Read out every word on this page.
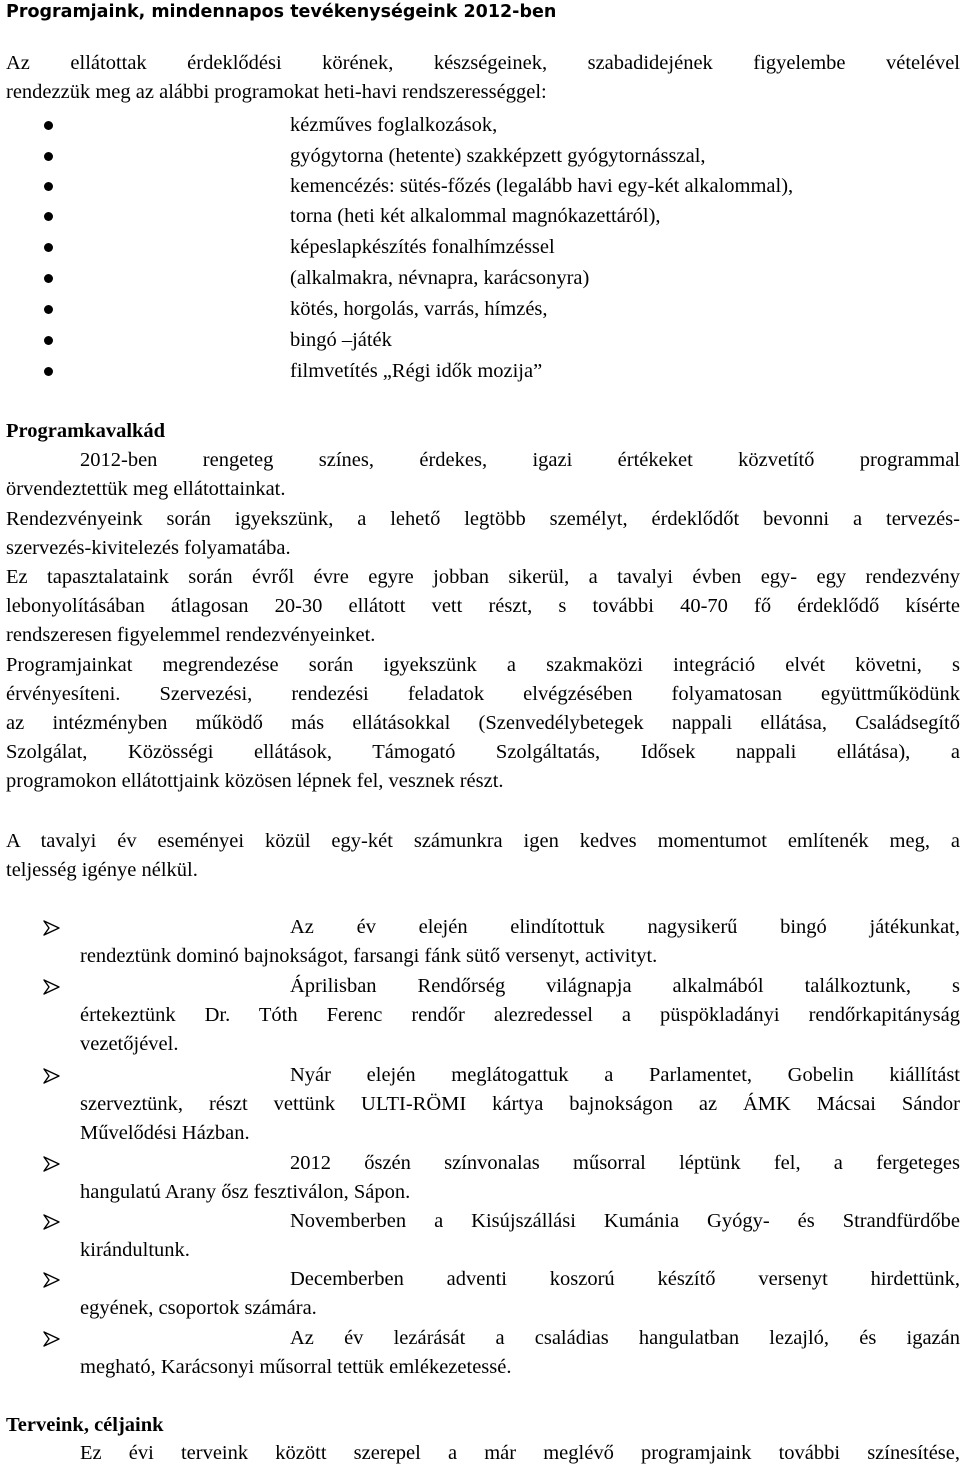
Programjaink, mindennapos tevékenységeink 2012-ben
Az ellátottak érdeklődési körének, készségeinek, szabadidejének figyelembe vételével
rendezzük meg az alábbi programokat heti-havi rendszerességgel:
kézműves foglalkozások,
gyógytorna (hetente) szakképzett gyógytornásszal,
kemencézés: sütés-főzés (legalább havi egy-két alkalommal),
torna (heti két alkalommal magnókazettáról),
képeslapkészítés fonalhímzéssel
(alkalmakra, névnapra, karácsonyra)
kötés, horgolás, varrás, hímzés,
bingó –játék
filmvetítés „Régi idők mozija”
Programkavalkád
2012-ben rengeteg színes, érdekes, igazi értékeket közvetítő programmal
örvendeztettük meg ellátottainkat.
Rendezvényeink során igyekszünk, a lehető legtöbb személyt, érdeklődőt bevonni a tervezés-
szervezés-kivitelezés folyamatába.
Ez tapasztalataink során évről évre egyre jobban sikerül, a tavalyi évben egy- egy rendezvény
lebonyolításában átlagosan 20-30 ellátott vett részt, s további 40-70 fő érdeklődő kísérte
rendszeresen figyelemmel rendezvényeinket.
Programjainkat megrendezése során igyekszünk a szakmaközi integráció elvét követni, s
érvényesíteni. Szervezési, rendezési feladatok elvégzésében folyamatosan együttműködünk
az intézményben működő más ellátásokkal (Szenvedélybetegek nappali ellátása, Családsegítő
Szolgálat, Közösségi ellátások, Támogató Szolgáltatás, Idősek nappali ellátása), a
programokon ellátottjaink közösen lépnek fel, vesznek részt.
A tavalyi év eseményei közül egy-két számunkra igen kedves momentumot említenék meg, a
teljesség igénye nélkül.
Az év elején elindítottuk nagysikerű bingó játékunkat,
rendeztünk dominó bajnokságot, farsangi fánk sütő versenyt, activityt.
Áprilisban Rendőrség világnapja alkalmából találkoztunk, s
értekeztünk Dr. Tóth Ferenc rendőr alezredessel a püspökladányi rendőrkapitányság
vezetőjével.
Nyár elején meglátogattuk a Parlamentet, Gobelin kiállítást
szerveztünk, részt vettünk ULTI-RÖMI kártya bajnokságon az ÁMK Mácsai Sándor
Művelődési Házban.
2012 őszén színvonalas műsorral léptünk fel, a fergeteges
hangulatú Arany ősz fesztiválon, Sápon.
Novemberben a Kisújszállási Kumánia Gyógy- és Strandfürdőbe
kirándultunk.
Decemberben adventi koszorú készítő versenyt hirdettünk,
egyének, csoportok számára.
Az év lezárását a családias hangulatban lezajló, és igazán
megható, Karácsonyi műsorral tettük emlékezetessé.
Terveink, céljaink
Ez évi terveink között szerepel a már meglévő programjaink további színesítése,
